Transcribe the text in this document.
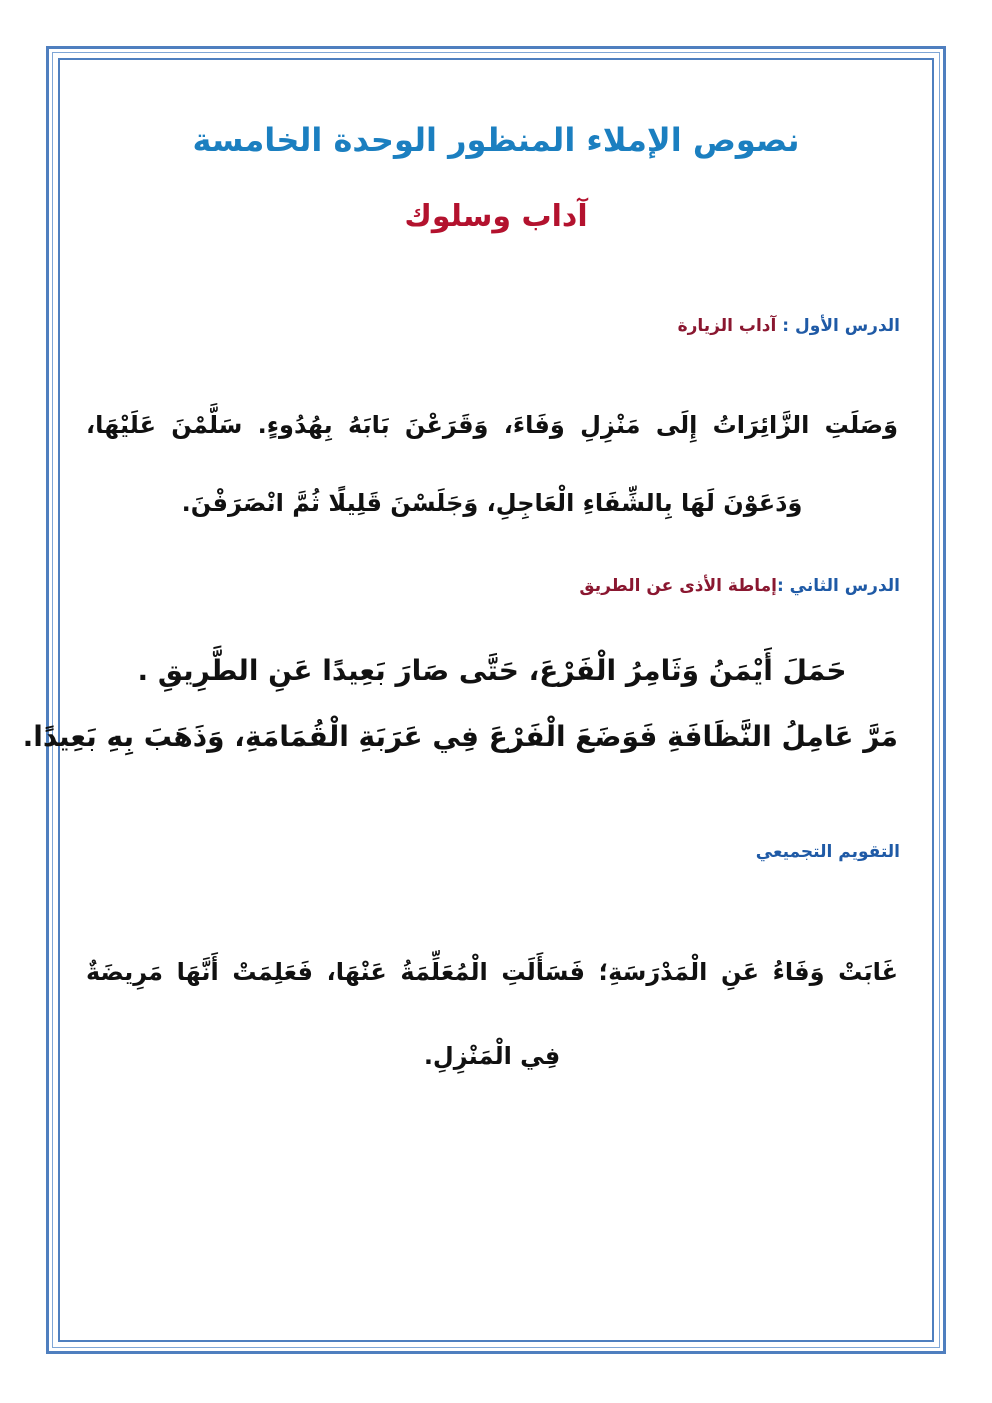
نصوص الإملاء المنظور الوحدة الخامسة
آداب وسلوك
الدرس الأول : آداب الزيارة
وَصَلَتِ الزَّائِرَاتُ إِلَى مَنْزِلِ وَفَاءَ، وَقَرَعْنَ بَابَهُ بِهُدُوءٍ. سَلَّمْنَ عَلَيْهَا، وَدَعَوْنَ لَهَا بِالشِّفَاءِ الْعَاجِلِ، وَجَلَسْنَ قَلِيلًا ثُمَّ انْصَرَفْنَ.
الدرس الثاني :إماطة الأذى عن الطريق
حَمَلَ أَيْمَنُ وَثَامِرُ الْفَرْعَ، حَتَّى صَارَ بَعِيدًا عَنِ الطَّرِيقِ .
مَرَّ عَامِلُ النَّظَافَةِ فَوَضَعَ الْفَرْعَ فِي عَرَبَةِ الْقُمَامَةِ، وَذَهَبَ بِهِ بَعِيدًا.
التقويم التجميعي
غَابَتْ وَفَاءُ عَنِ الْمَدْرَسَةِ؛ فَسَأَلَتِ الْمُعَلِّمَةُ عَنْهَا، فَعَلِمَتْ أَنَّهَا مَرِيضَةٌ فِي الْمَنْزِلِ.
